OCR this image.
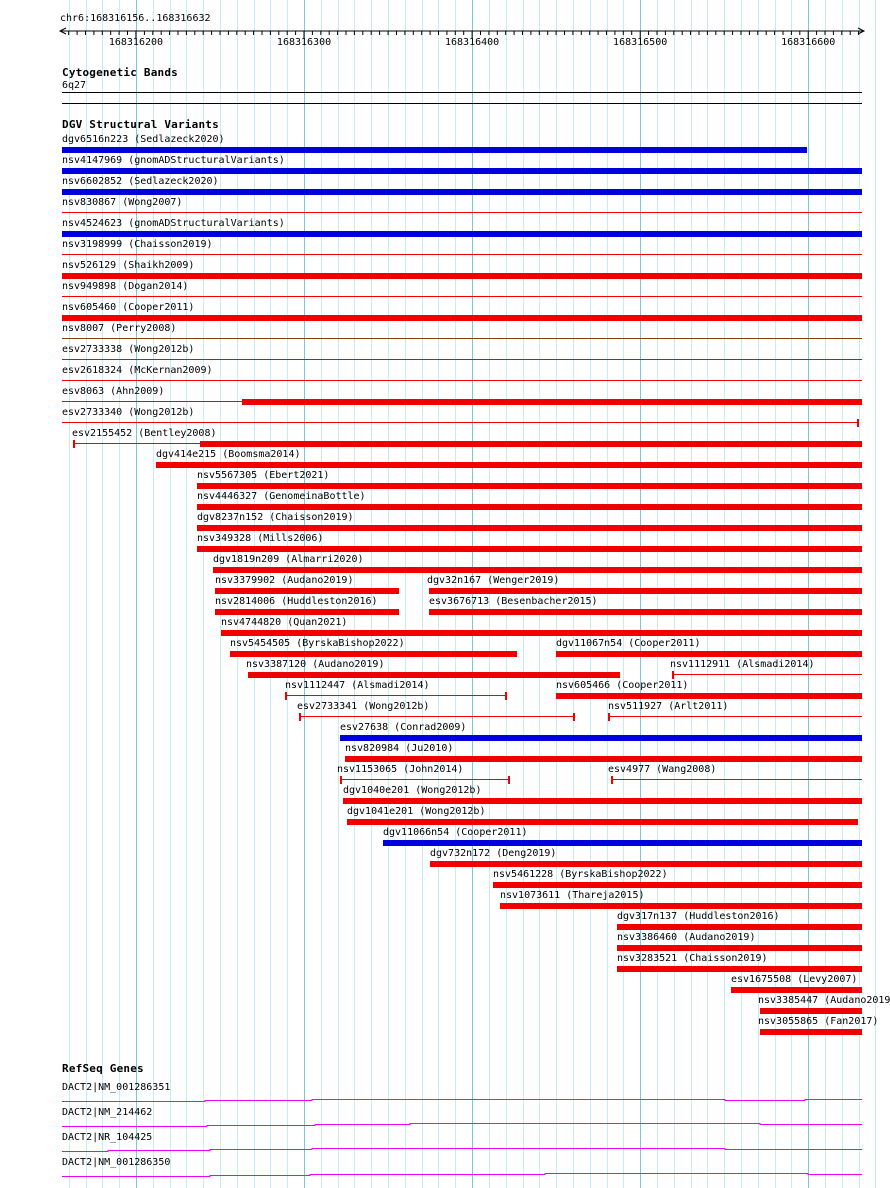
chr6:168316156..168316632
168316200	168316300	168316400	168316500	168316600
Cytogenetic Bands
6q27
DGV Structural Variants
dgv6516n223 (Sedlazeck2020)
nsv4147969 (gnomADStructuralVariants)
nsv6602852 (Sedlazeck2020)
nsv830867 (Wong2007)
nsv4524623 (gnomADStructuralVariants)
nsv3198999 (Chaisson2019)
nsv526129 (Shaikh2009)
nsv949898 (Dogan2014)
nsv605460 (Cooper2011)
nsv8007 (Perry2008)
esv2733338 (Wong2012b)
esv2618324 (McKernan2009)
esv8063 (Ahn2009)
esv2733340 (Wong2012b)
esv2155452 (Bentley2008)
dgv414e215 (Boomsma2014)
nsv5567305 (Ebert2021)
nsv4446327 (GenomeinaBottle)
dgv8237n152 (Chaisson2019)
nsv349328 (Mills2006)
dgv1819n209 (Almarri2020)
nsv3379902 (Audano2019)	dgv32n167 (Wenger2019)
nsv2814006 (Huddleston2016)	esv3676713 (Besenbacher2015)
nsv4744820 (Quan2021)
nsv5454505 (ByrskaBishop2022)	dgv11067n54 (Cooper2011)
nsv3387120 (Audano2019)	nsv1112911 (Alsmadi2014)
nsv1112447 (Alsmadi2014)	nsv605466 (Cooper2011)
esv2733341 (Wong2012b)	nsv511927 (Arlt2011)
esv27638 (Conrad2009)
nsv820984 (Ju2010)
nsv1153065 (John2014)	esv4977 (Wang2008)
dgv1040e201 (Wong2012b)
dgv1041e201 (Wong2012b)
dgv11066n54 (Cooper2011)
dgv732n172 (Deng2019)
nsv5461228 (ByrskaBishop2022)
nsv1073611 (Thareja2015)
dgv317n137 (Huddleston2016)
nsv3386460 (Audano2019)
nsv3283521 (Chaisson2019)
esv1675508 (Levy2007)
nsv3385447 (Audano2019
nsv3055865 (Fan2017)
RefSeq Genes
DACT2|NM_001286351
DACT2|NM_214462
DACT2|NR_104425
DACT2|NM_001286350
